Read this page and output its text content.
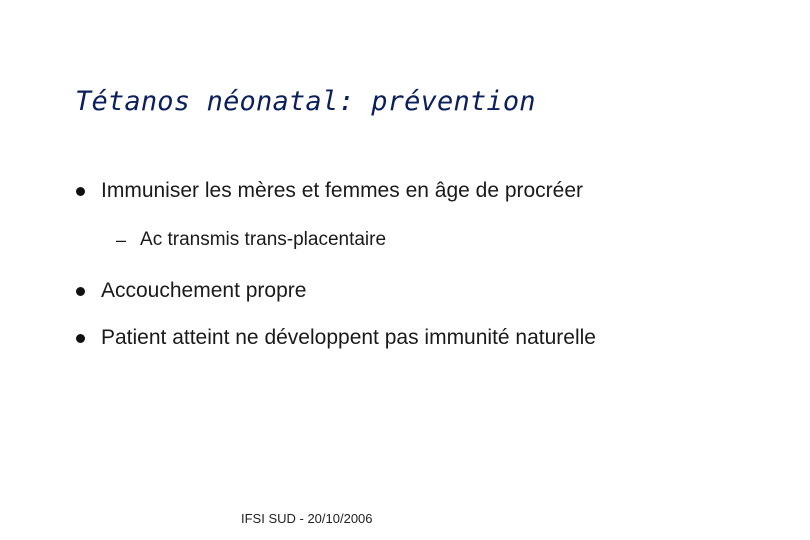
Tétanos néonatal: prévention
Immuniser les mères et femmes en âge de procréer
– Ac transmis trans-placentaire
Accouchement propre
Patient atteint ne développent pas immunité naturelle
IFSI SUD - 20/10/2006
